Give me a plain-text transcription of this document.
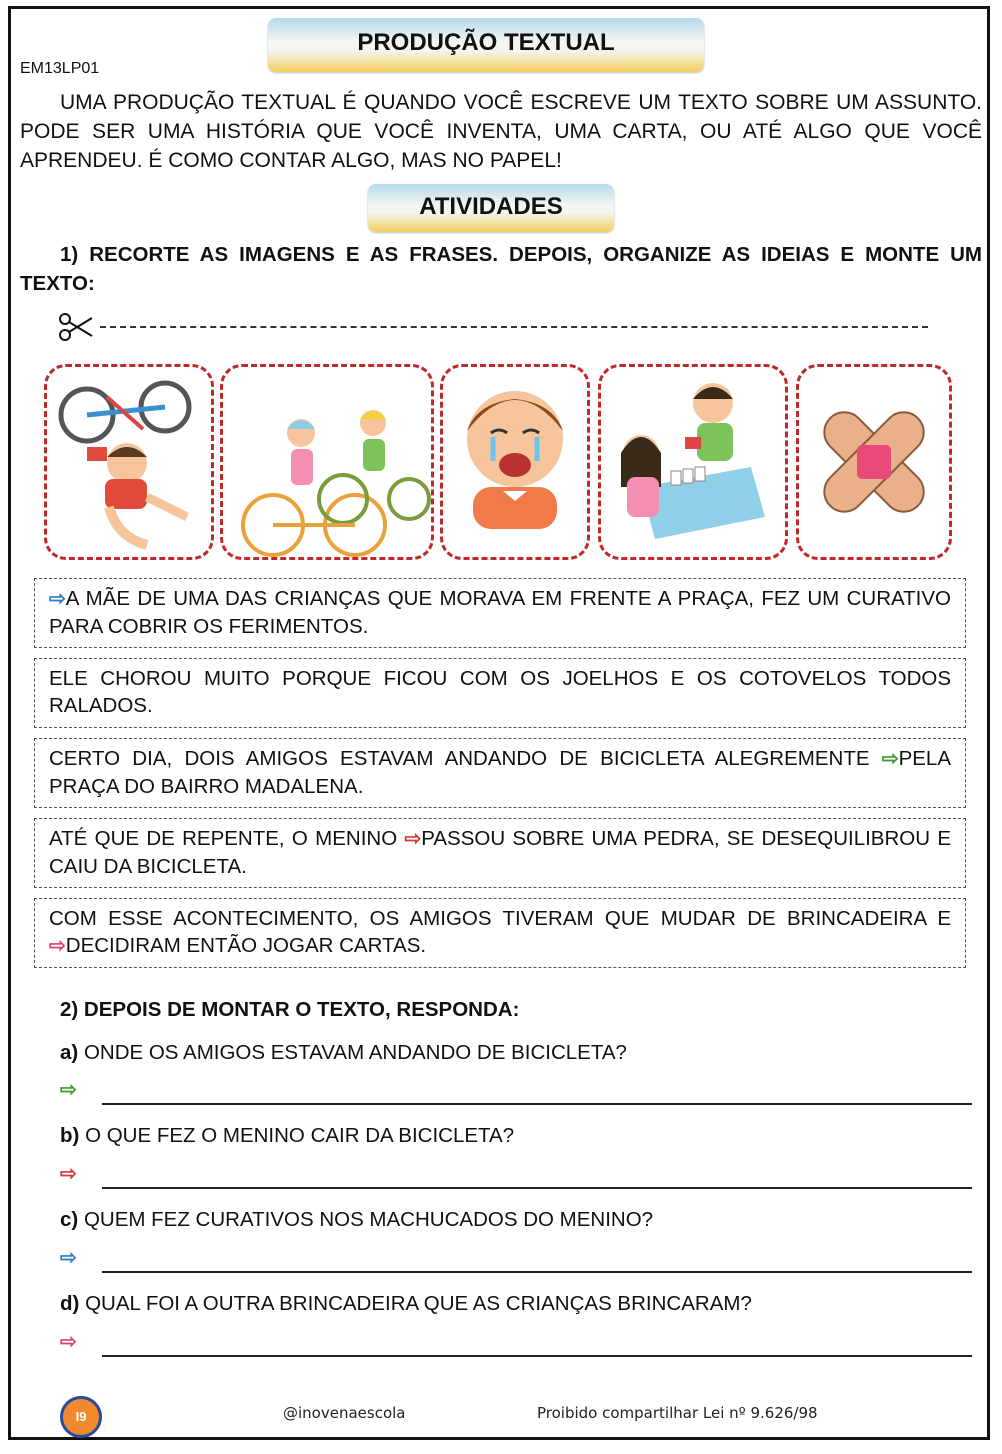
PRODUÇÃO TEXTUAL
EM13LP01
UMA PRODUÇÃO TEXTUAL É QUANDO VOCÊ ESCREVE UM TEXTO SOBRE UM ASSUNTO. PODE SER UMA HISTÓRIA QUE VOCÊ INVENTA, UMA CARTA, OU ATÉ ALGO QUE VOCÊ APRENDEU. É COMO CONTAR ALGO, MAS NO PAPEL!
ATIVIDADES
1) RECORTE AS IMAGENS E AS FRASES. DEPOIS, ORGANIZE AS IDEIAS E MONTE UM TEXTO:
⇨A MÃE DE UMA DAS CRIANÇAS QUE MORAVA EM FRENTE A PRAÇA, FEZ UM CURATIVO PARA COBRIR OS FERIMENTOS.
ELE CHOROU MUITO PORQUE FICOU COM OS JOELHOS E OS COTOVELOS TODOS RALADOS.
CERTO DIA, DOIS AMIGOS ESTAVAM ANDANDO DE BICICLETA ALEGREMENTE ⇨PELA PRAÇA DO BAIRRO MADALENA.
ATÉ QUE DE REPENTE, O MENINO ⇨PASSOU SOBRE UMA PEDRA, SE DESEQUILIBROU E CAIU DA BICICLETA.
COM ESSE ACONTECIMENTO, OS AMIGOS TIVERAM QUE MUDAR DE BRINCADEIRA E ⇨DECIDIRAM ENTÃO JOGAR CARTAS.
2) DEPOIS DE MONTAR O TEXTO, RESPONDA:
a) ONDE OS AMIGOS ESTAVAM ANDANDO DE BICICLETA?
⇨
b) O QUE FEZ O MENINO CAIR DA BICICLETA?
⇨
c) QUEM FEZ CURATIVOS NOS MACHUCADOS DO MENINO?
⇨
d) QUAL FOI A OUTRA BRINCADEIRA QUE AS CRIANÇAS BRINCARAM?
⇨
I9	@inovenaescola	Proibido compartilhar Lei nº 9.626/98
